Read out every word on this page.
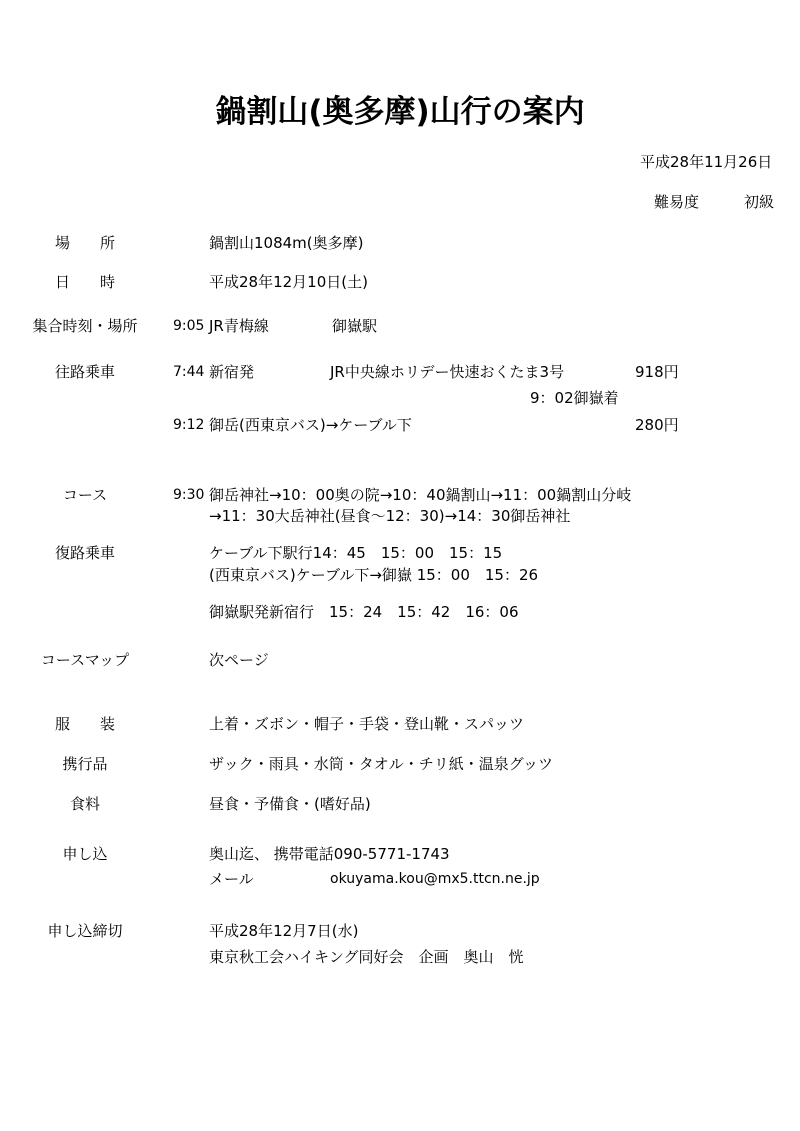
鍋割山(奥多摩)山行の案内
平成28年11月26日
難易度	初級
場　　所	鍋割山1084m(奥多摩)
日　　時	平成28年12月10日(土)
集合時刻・場所	9:05 JR青梅線	御嶽駅
往路乗車	7:44 新宿発	JR中央線ホリデー快速おくたま3号	918円
9：02御嶽着
9:12 御岳(西東京バス)→ケーブル下	280円
コース	9:30 御岳神社→10：00奥の院→10：40鍋割山→11：00鍋割山分岐
→11：30大岳神社(昼食～12：30)→14：30御岳神社
復路乗車	ケーブル下駅行14：45　15：00　15：15
(西東京バス)ケーブル下→御嶽 15：00　15：26
御嶽駅発新宿行　15：24　15：42　16：06
コースマップ	次ページ
服　　装	上着・ズボン・帽子・手袋・登山靴・スパッツ
携行品	ザック・雨具・水筒・タオル・チリ紙・温泉グッツ
食料	昼食・予備食・(嗜好品)
申し込	奥山迄、 携帯電話090-5771-1743
メール	okuyama.kou@mx5.ttcn.ne.jp
申し込締切	平成28年12月7日(水)
東京秋工会ハイキング同好会　企画　奥山　恍
